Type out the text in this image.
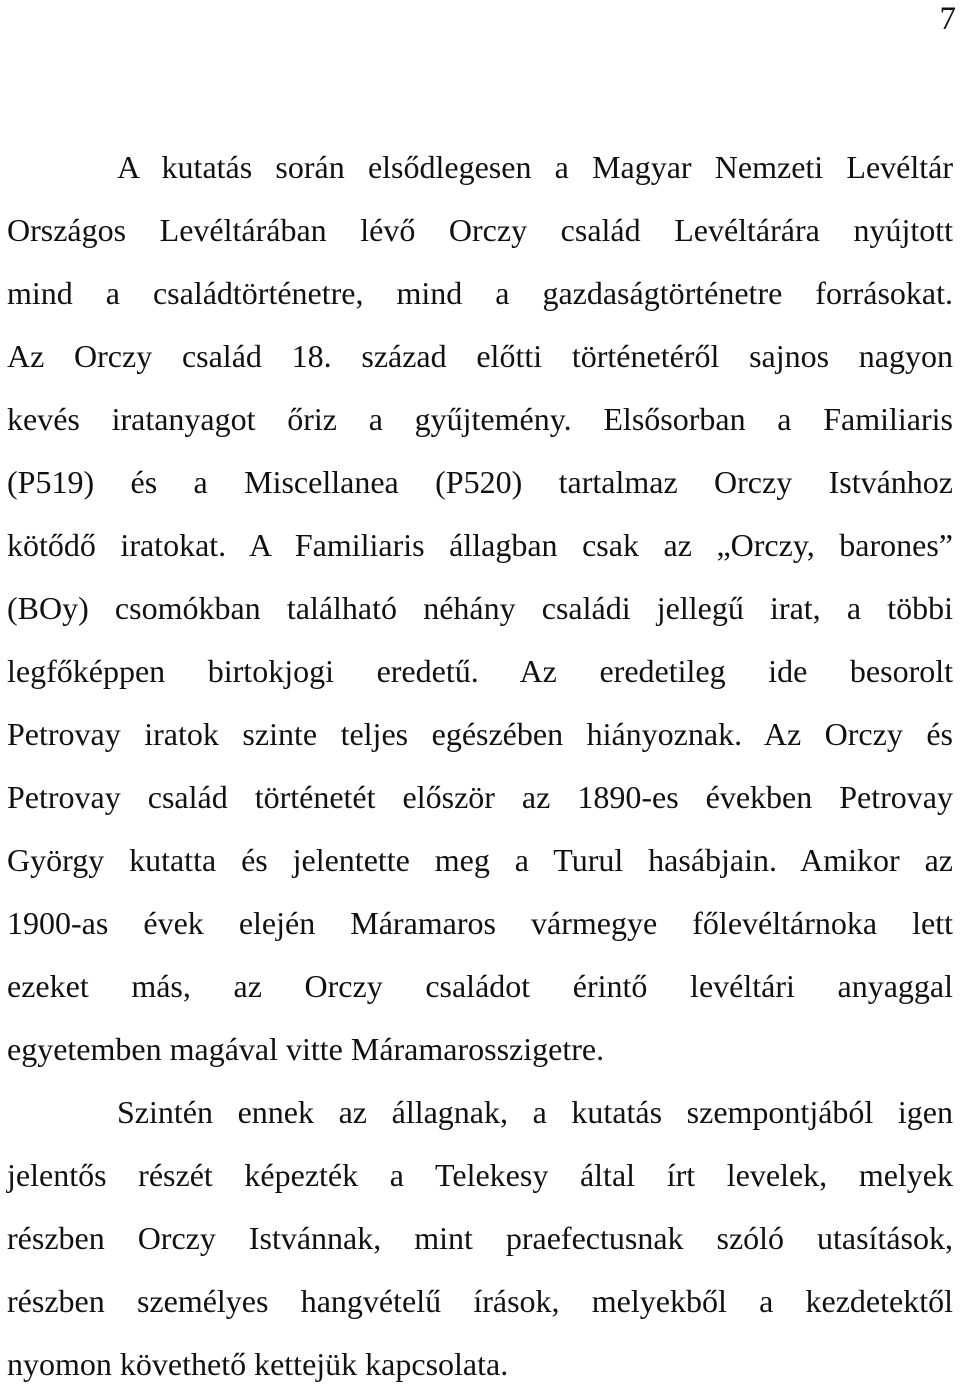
7
A kutatás során elsődlegesen a Magyar Nemzeti Levéltár
Országos Levéltárában lévő Orczy család Levéltárára nyújtott
mind a családtörténetre, mind a gazdaságtörténetre forrásokat.
Az Orczy család 18. század előtti történetéről sajnos nagyon
kevés iratanyagot őriz a gyűjtemény. Elsősorban a Familiaris
(P519) és a Miscellanea (P520) tartalmaz Orczy Istvánhoz
kötődő iratokat. A Familiaris állagban csak az „Orczy, barones”
(BOy) csomókban található néhány családi jellegű irat, a többi
legfőképpen birtokjogi eredetű. Az eredetileg ide besorolt
Petrovay iratok szinte teljes egészében hiányoznak. Az Orczy és
Petrovay család történetét először az 1890-es években Petrovay
György kutatta és jelentette meg a Turul hasábjain. Amikor az
1900-as évek elején Máramaros vármegye főlevéltárnoka lett
ezeket más, az Orczy családot érintő levéltári anyaggal
egyetemben magával vitte Máramarosszigetre.
Szintén ennek az állagnak, a kutatás szempontjából igen
jelentős részét képezték a Telekesy által írt levelek, melyek
részben Orczy Istvánnak, mint praefectusnak szóló utasítások,
részben személyes hangvételű írások, melyekből a kezdetektől
nyomon követhető kettejük kapcsolata.
